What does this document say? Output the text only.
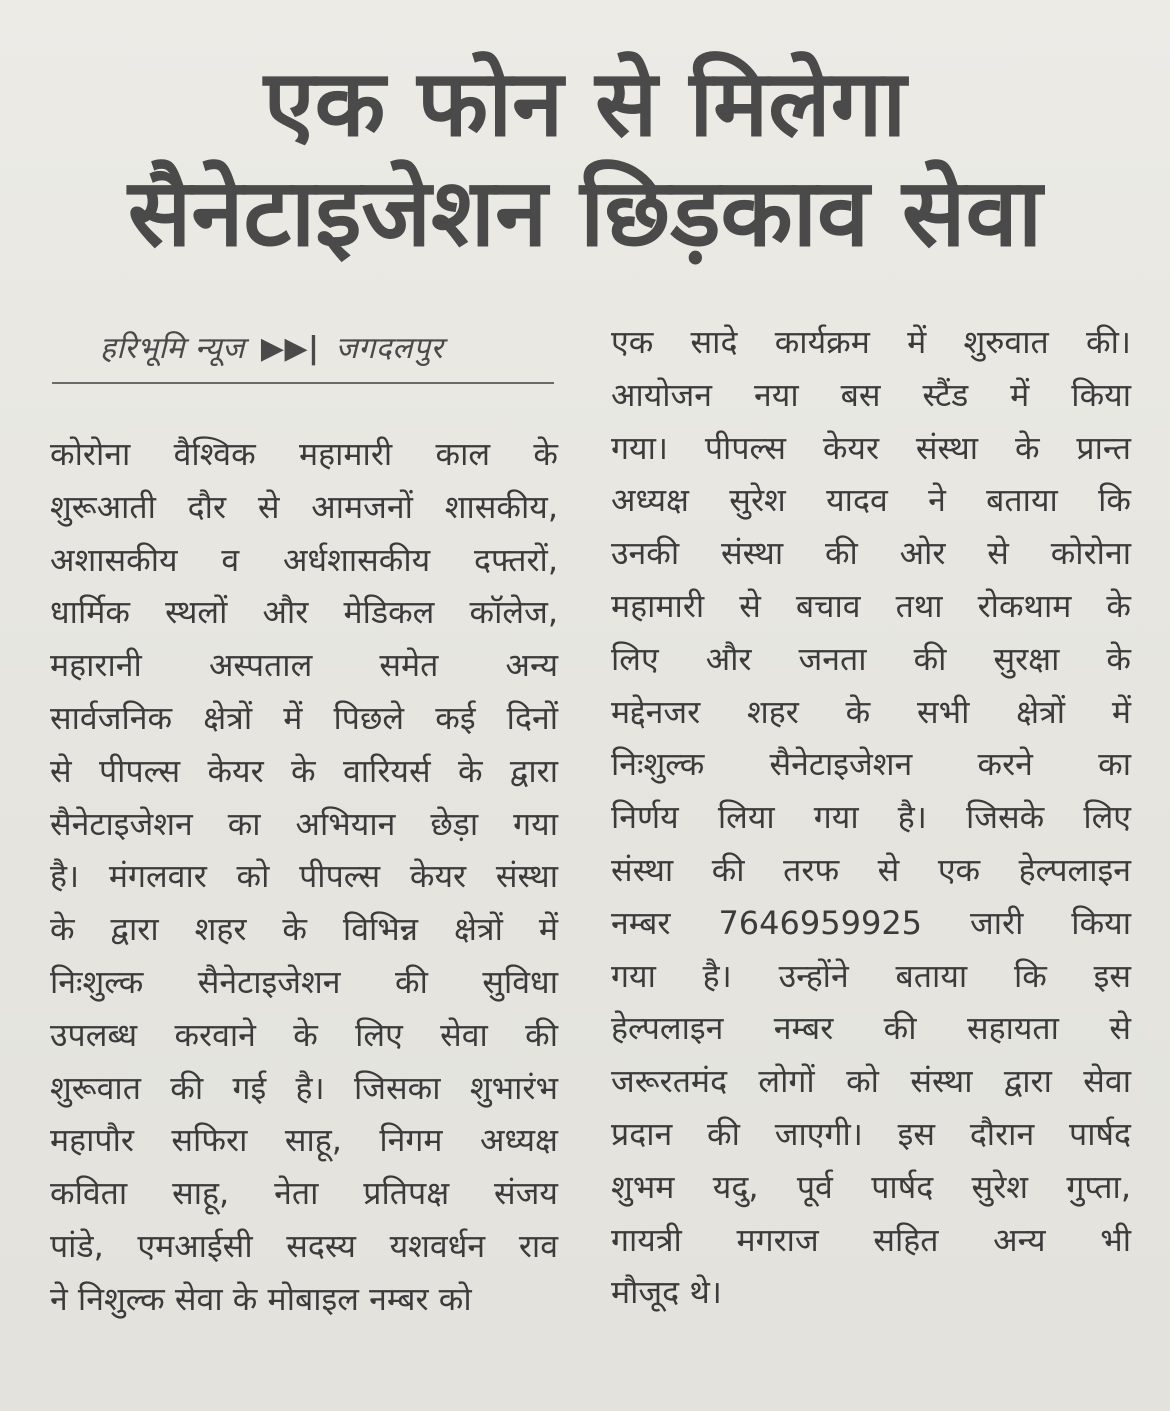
एक फोन से मिलेगा
सैनेटाइजेशन छिड़काव सेवा
हरिभूमि न्यूज ▶▶| जगदलपुर
कोरोना वैश्विक महामारी काल के
शुरूआती दौर से आमजनों शासकीय,
अशासकीय व अर्धशासकीय दफ्तरों,
धार्मिक स्थलों और मेडिकल कॉलेज,
महारानी अस्पताल समेत अन्य
सार्वजनिक क्षेत्रों में पिछले कई दिनों
से पीपल्स केयर के वारियर्स के द्वारा
सैनेटाइजेशन का अभियान छेड़ा गया
है। मंगलवार को पीपल्स केयर संस्था
के द्वारा शहर के विभिन्न क्षेत्रों में
निःशुल्क सैनेटाइजेशन की सुविधा
उपलब्ध करवाने के लिए सेवा की
शुरूवात की गई है। जिसका शुभारंभ
महापौर सफिरा साहू, निगम अध्यक्ष
कविता साहू, नेता प्रतिपक्ष संजय
पांडे, एमआईसी सदस्य यशवर्धन राव
ने निशुल्क सेवा के मोबाइल नम्बर को
एक सादे कार्यक्रम में शुरुवात की।
आयोजन नया बस स्टैंड में किया
गया। पीपल्स केयर संस्था के प्रान्त
अध्यक्ष सुरेश यादव ने बताया कि
उनकी संस्था की ओर से कोरोना
महामारी से बचाव तथा रोकथाम के
लिए और जनता की सुरक्षा के
मद्देनजर शहर के सभी क्षेत्रों में
निःशुल्क सैनेटाइजेशन करने का
निर्णय लिया गया है। जिसके लिए
संस्था की तरफ से एक हेल्पलाइन
नम्बर 7646959925 जारी किया
गया है। उन्होंने बताया कि इस
हेल्पलाइन नम्बर की सहायता से
जरूरतमंद लोगों को संस्था द्वारा सेवा
प्रदान की जाएगी। इस दौरान पार्षद
शुभम यदु, पूर्व पार्षद सुरेश गुप्ता,
गायत्री मगराज सहित अन्य भी
मौजूद थे।
